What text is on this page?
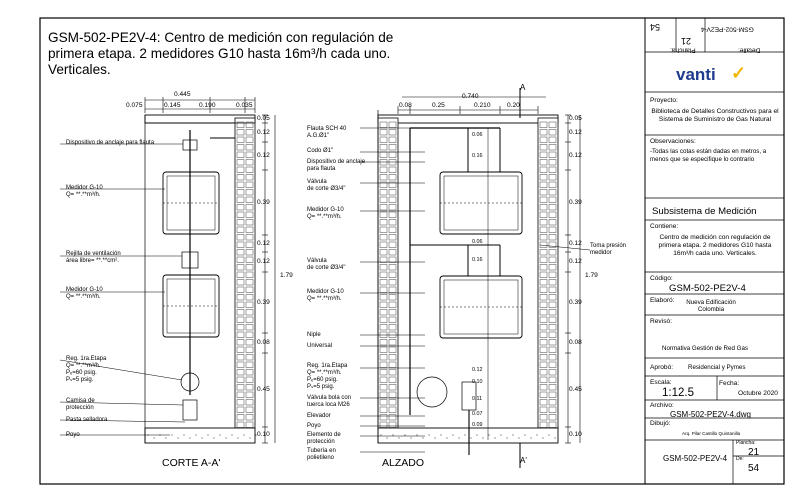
GSM-502-PE2V-4: Centro de medición con regulación de primera etapa. 2 medidores G10 hasta 16m³/h cada uno. Verticales.
0.445
0.075	0.145	0.190	0.035
Dispositivo de anclaje para flauta
Medidor G-10
Q= **.**m³/h.
Rejilla de ventilación
área libre= **.**cm².
Medidor G-10
Q= **.**m³/h.
Reg. 1ra.Etapa
Q= **.**m³/h.
Pₑ=60 psig.
Pₛ=5 psig.
Camisa de
protección
Pasta selladora
Poyo
CORTE A-A'
1.79
0.05
0.12
0.12
0.39
0.12
0.12
0.39
0.08
0.45
0.10
0.740
0.08	0.25	0.210 0.20
A
A'
ALZADO
1.79
Flauta SCH 40
A.G.Ø1"
Codo Ø1"
Dispositivo de anclaje
para flauta
Válvula
de corte Ø3/4"
Medidor G-10
Q= **.**m³/h.
Válvula
de corte Ø3/4"
Medidor G-10
Q= **.**m³/h.
Niple
Universal
Reg. 1ra.Etapa
Q= **.**m³/h.
Pₑ=60 psig.
Pₛ=5 psig.
Válvula bola con
tuerca loca M26
Elevador
Poyo
Elemento de
protección
Tubería en
polietileno
Toma presión
medidor
0.05
0.12
0.12
0.39
0.12
0.12
0.39
0.08
0.45
0.10
0.06
0.16
0.06
0.16
0.12
0.10
0.11
0.07
0.09
Detalle:
GSM-502-PE2V-4
Plancha:
21
54
vanti ✓
Proyecto:
Biblioteca de Detalles Constructivos para el Sistema de Suministro de Gas Natural
Observaciones:
-Todas las cotas están dadas en metros, a menos que se especifique lo contrario
Subsistema de Medición
Contiene:
Centro de medición con regulación de primera etapa. 2 medidores G10 hasta 16m³/h cada uno. Verticales.
Código:
GSM-502-PE2V-4
Elaboró:	Nueva Edificación Colombia
Revisó:
Normativa Gestión de Red Gas
Aprobó: Residencial y Pymes
Escala:
1:12.5
Fecha:
Octubre 2020
Archivo:
GSM-502-PE2V-4.dwg
Dibujó:
Arq. Pilar Castillo Quintanilla
GSM-502-PE2V-4
Plancha:
21
De:
54
